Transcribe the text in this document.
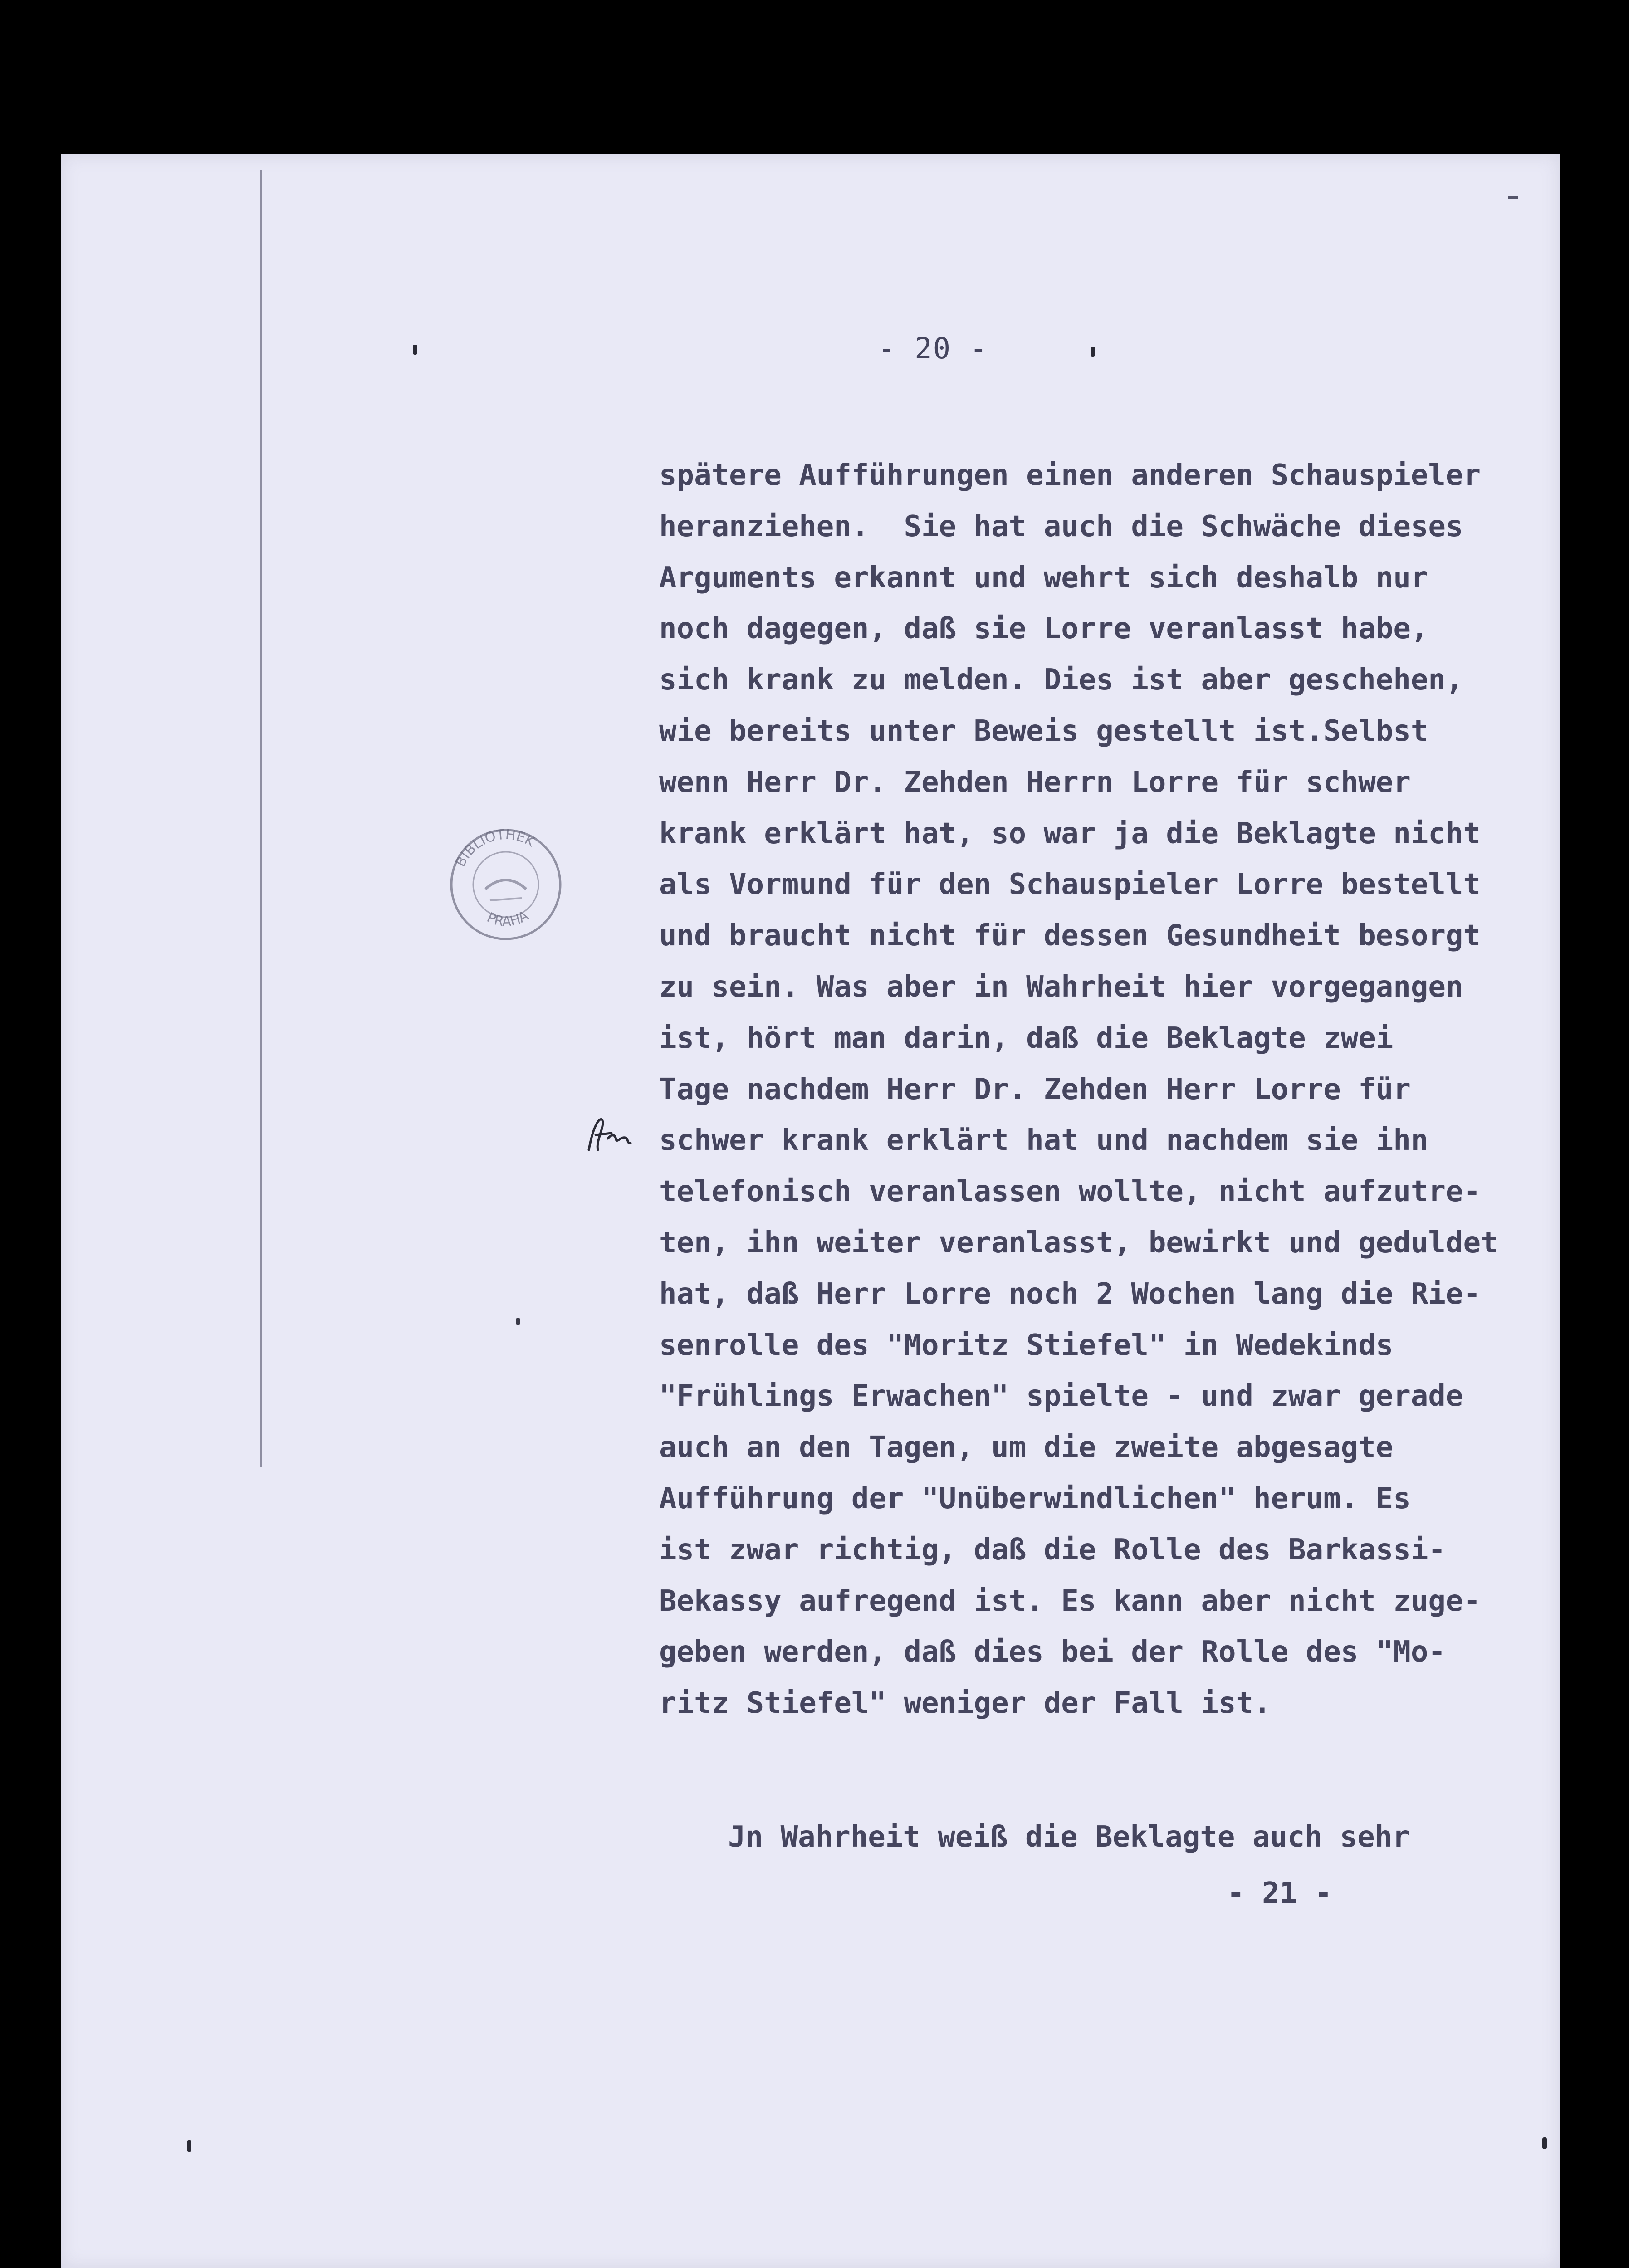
- 20 -
spätere Aufführungen einen anderen Schauspieler
heranziehen.  Sie hat auch die Schwäche dieses
Arguments erkannt und wehrt sich deshalb nur
noch dagegen, daß sie Lorre veranlasst habe,
sich krank zu melden. Dies ist aber geschehen,
wie bereits unter Beweis gestellt ist.Selbst
wenn Herr Dr. Zehden Herrn Lorre für schwer
krank erklärt hat, so war ja die Beklagte nicht
als Vormund für den Schauspieler Lorre bestellt
und braucht nicht für dessen Gesundheit besorgt
zu sein. Was aber in Wahrheit hier vorgegangen
ist, hört man darin, daß die Beklagte zwei
Tage nachdem Herr Dr. Zehden Herr Lorre für
schwer krank erklärt hat und nachdem sie ihn
telefonisch veranlassen wollte, nicht aufzutre-
ten, ihn weiter veranlasst, bewirkt und geduldet
hat, daß Herr Lorre noch 2 Wochen lang die Rie-
senrolle des "Moritz Stiefel" in Wedekinds
"Frühlings Erwachen" spielte - und zwar gerade
auch an den Tagen, um die zweite abgesagte
Aufführung der "Unüberwindlichen" herum. Es
ist zwar richtig, daß die Rolle des Barkassi-
Bekassy aufregend ist. Es kann aber nicht zuge-
geben werden, daß dies bei der Rolle des "Mo-
ritz Stiefel" weniger der Fall ist.
Jn Wahrheit weiß die Beklagte auch sehr
- 21 -
BIBLIOTHEK
PRAHA
